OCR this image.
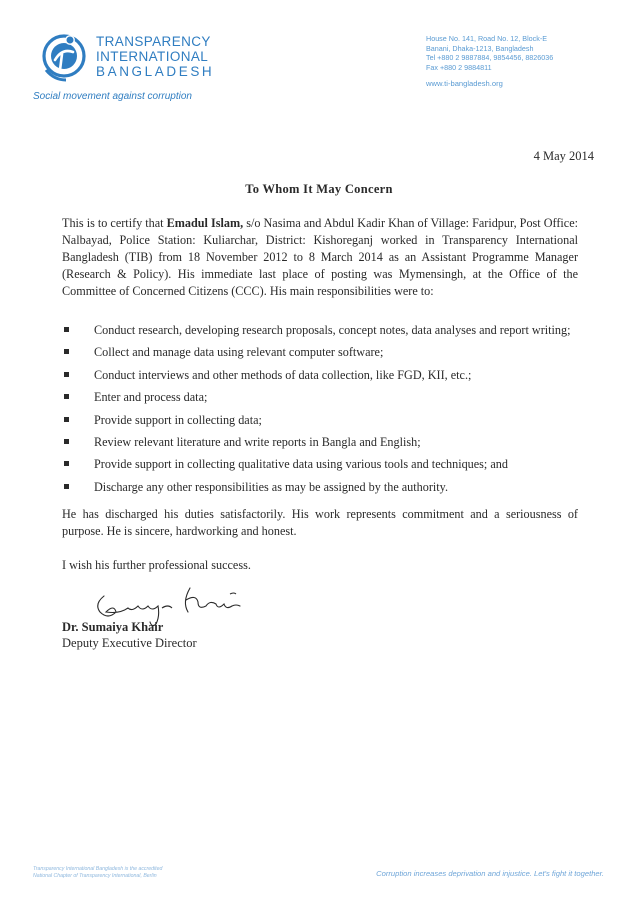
TRANSPARENCY
INTERNATIONAL
BANGLADESH
Social movement against corruption
House No. 141, Road No. 12, Block-E
Banani, Dhaka-1213, Bangladesh
Tel +880 2 9887884, 9854456, 8826036
Fax +880 2 9884811
www.ti-bangladesh.org
4 May 2014
To Whom It May Concern
This is to certify that Emadul Islam, s/o Nasima and Abdul Kadir Khan of Village: Faridpur, Post Office: Nalbayad, Police Station: Kuliarchar, District: Kishoreganj worked in Transparency International Bangladesh (TIB) from 18 November 2012 to 8 March 2014 as an Assistant Programme Manager (Research & Policy). His immediate last place of posting was Mymensingh, at the Office of the Committee of Concerned Citizens (CCC). His main responsibilities were to:
Conduct research, developing research proposals, concept notes, data analyses and report writing;
Collect and manage data using relevant computer software;
Conduct interviews and other methods of data collection, like FGD, KII, etc.;
Enter and process data;
Provide support in collecting data;
Review relevant literature and write reports in Bangla and English;
Provide support in collecting qualitative data using various tools and techniques; and
Discharge any other responsibilities as may be assigned by the authority.
He has discharged his duties satisfactorily. His work represents commitment and a seriousness of purpose. He is sincere, hardworking and honest.
I wish his further professional success.
Dr. Sumaiya Khair
Deputy Executive Director
Transparency International Bangladesh is the accredited
National Chapter of Transparency International, Berlin	Corruption increases deprivation and injustice. Let's fight it together.
